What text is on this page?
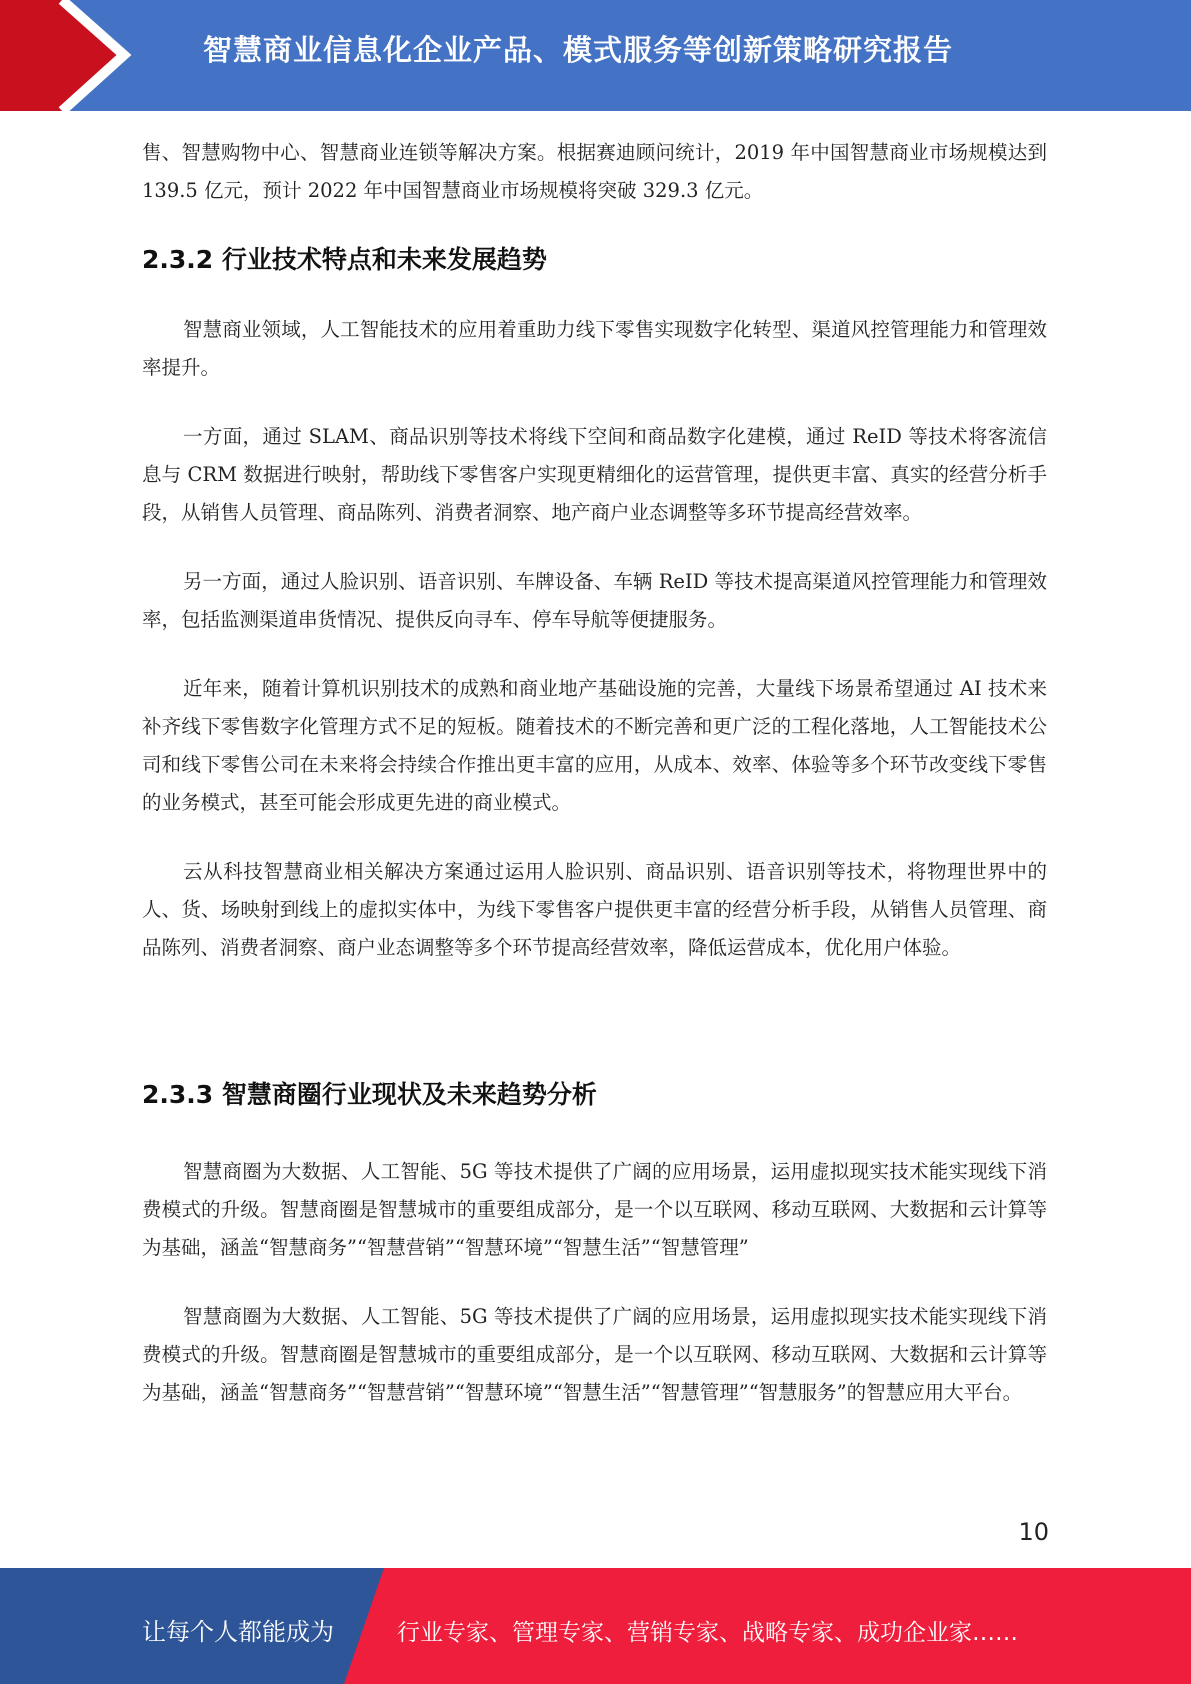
智慧商业信息化企业产品、模式服务等创新策略研究报告

售、智慧购物中心、智慧商业连锁等解决方案。根据赛迪顾问统计，2019 年中国智慧商业市场规模达到 139.5 亿元，预计 2022 年中国智慧商业市场规模将突破 329.3 亿元。

2.3.2 行业技术特点和未来发展趋势

智慧商业领域，人工智能技术的应用着重助力线下零售实现数字化转型、渠道风控管理能力和管理效率提升。

一方面，通过 SLAM、商品识别等技术将线下空间和商品数字化建模，通过 ReID 等技术将客流信息与 CRM 数据进行映射，帮助线下零售客户实现更精细化的运营管理，提供更丰富、真实的经营分析手段，从销售人员管理、商品陈列、消费者洞察、地产商户业态调整等多环节提高经营效率。

另一方面，通过人脸识别、语音识别、车牌设备、车辆 ReID 等技术提高渠道风控管理能力和管理效率，包括监测渠道串货情况、提供反向寻车、停车导航等便捷服务。

近年来，随着计算机识别技术的成熟和商业地产基础设施的完善，大量线下场景希望通过 AI 技术来补齐线下零售数字化管理方式不足的短板。随着技术的不断完善和更广泛的工程化落地，人工智能技术公司和线下零售公司在未来将会持续合作推出更丰富的应用，从成本、效率、体验等多个环节改变线下零售的业务模式，甚至可能会形成更先进的商业模式。

云从科技智慧商业相关解决方案通过运用人脸识别、商品识别、语音识别等技术，将物理世界中的人、货、场映射到线上的虚拟实体中，为线下零售客户提供更丰富的经营分析手段，从销售人员管理、商品陈列、消费者洞察、商户业态调整等多个环节提高经营效率，降低运营成本，优化用户体验。

2.3.3 智慧商圈行业现状及未来趋势分析

智慧商圈为大数据、人工智能、5G 等技术提供了广阔的应用场景，运用虚拟现实技术能实现线下消费模式的升级。智慧商圈是智慧城市的重要组成部分，是一个以互联网、移动互联网、大数据和云计算等为基础，涵盖“智慧商务”“智慧营销”“智慧环境”“智慧生活”“智慧管理”

智慧商圈为大数据、人工智能、5G 等技术提供了广阔的应用场景，运用虚拟现实技术能实现线下消费模式的升级。智慧商圈是智慧城市的重要组成部分，是一个以互联网、移动互联网、大数据和云计算等为基础，涵盖“智慧商务”“智慧营销”“智慧环境”“智慧生活”“智慧管理”“智慧服务”的智慧应用大平台。

10
让每个人都能成为	行业专家、管理专家、营销专家、战略专家、成功企业家……
